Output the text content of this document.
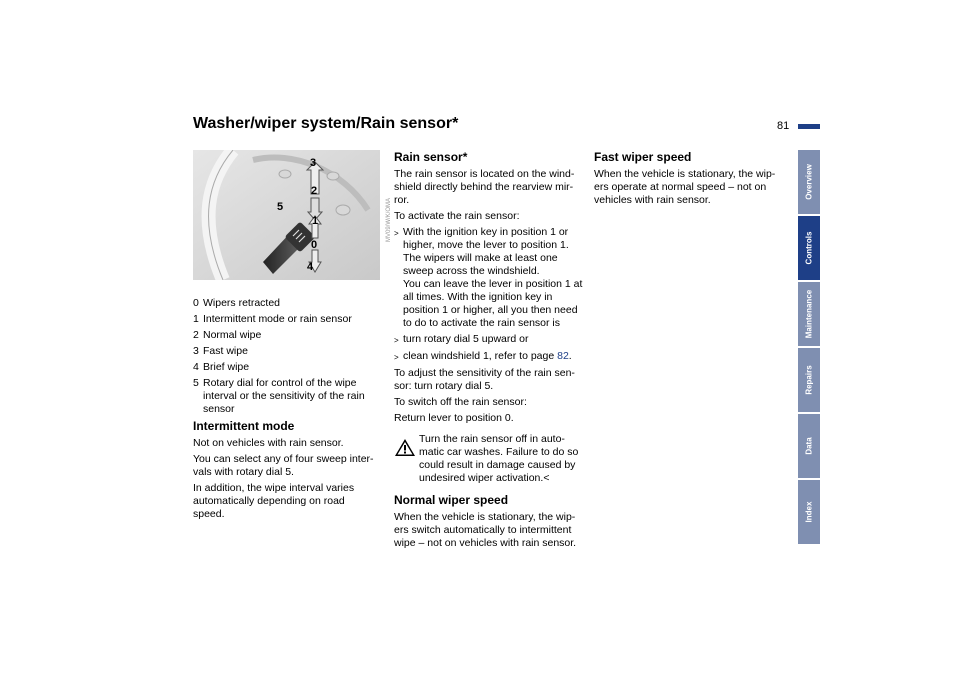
Washer/wiper system/Rain sensor*	81
Overview
Controls
Maintenance
Repairs
Data
Index
3
2
5
1
0
4
MV09/W/K/OMA
0 Wipers retracted
1 Intermittent mode or rain sensor
2 Normal wipe
3 Fast wipe
4 Brief wipe
5 Rotary dial for control of the wipe interval or the sensitivity of the rain sensor
Intermittent mode

Not on vehicles with rain sensor.

You can select any of four sweep inter-vals with rotary dial 5.

In addition, the wipe interval varies automatically depending on road speed.

Rain sensor*

The rain sensor is located on the wind-shield directly behind the rearview mir-ror.

To activate the rain sensor:

> With the ignition key in position 1 or higher, move the lever to position 1. The wipers will make at least one sweep across the windshield.
You can leave the lever in position 1 at all times. With the ignition key in position 1 or higher, all you then need to do to activate the rain sensor is
> turn rotary dial 5 upward or
> clean windshield 1, refer to page 82.

To adjust the sensitivity of the rain sen-sor: turn rotary dial 5.

To switch off the rain sensor:

Return lever to position 0.

Turn the rain sensor off in auto-matic car washes. Failure to do so could result in damage caused by undesired wiper activation.<
Normal wiper speed

When the vehicle is stationary, the wip-ers switch automatically to intermittent wipe – not on vehicles with rain sensor.

Fast wiper speed

When the vehicle is stationary, the wip-ers operate at normal speed – not on vehicles with rain sensor.
